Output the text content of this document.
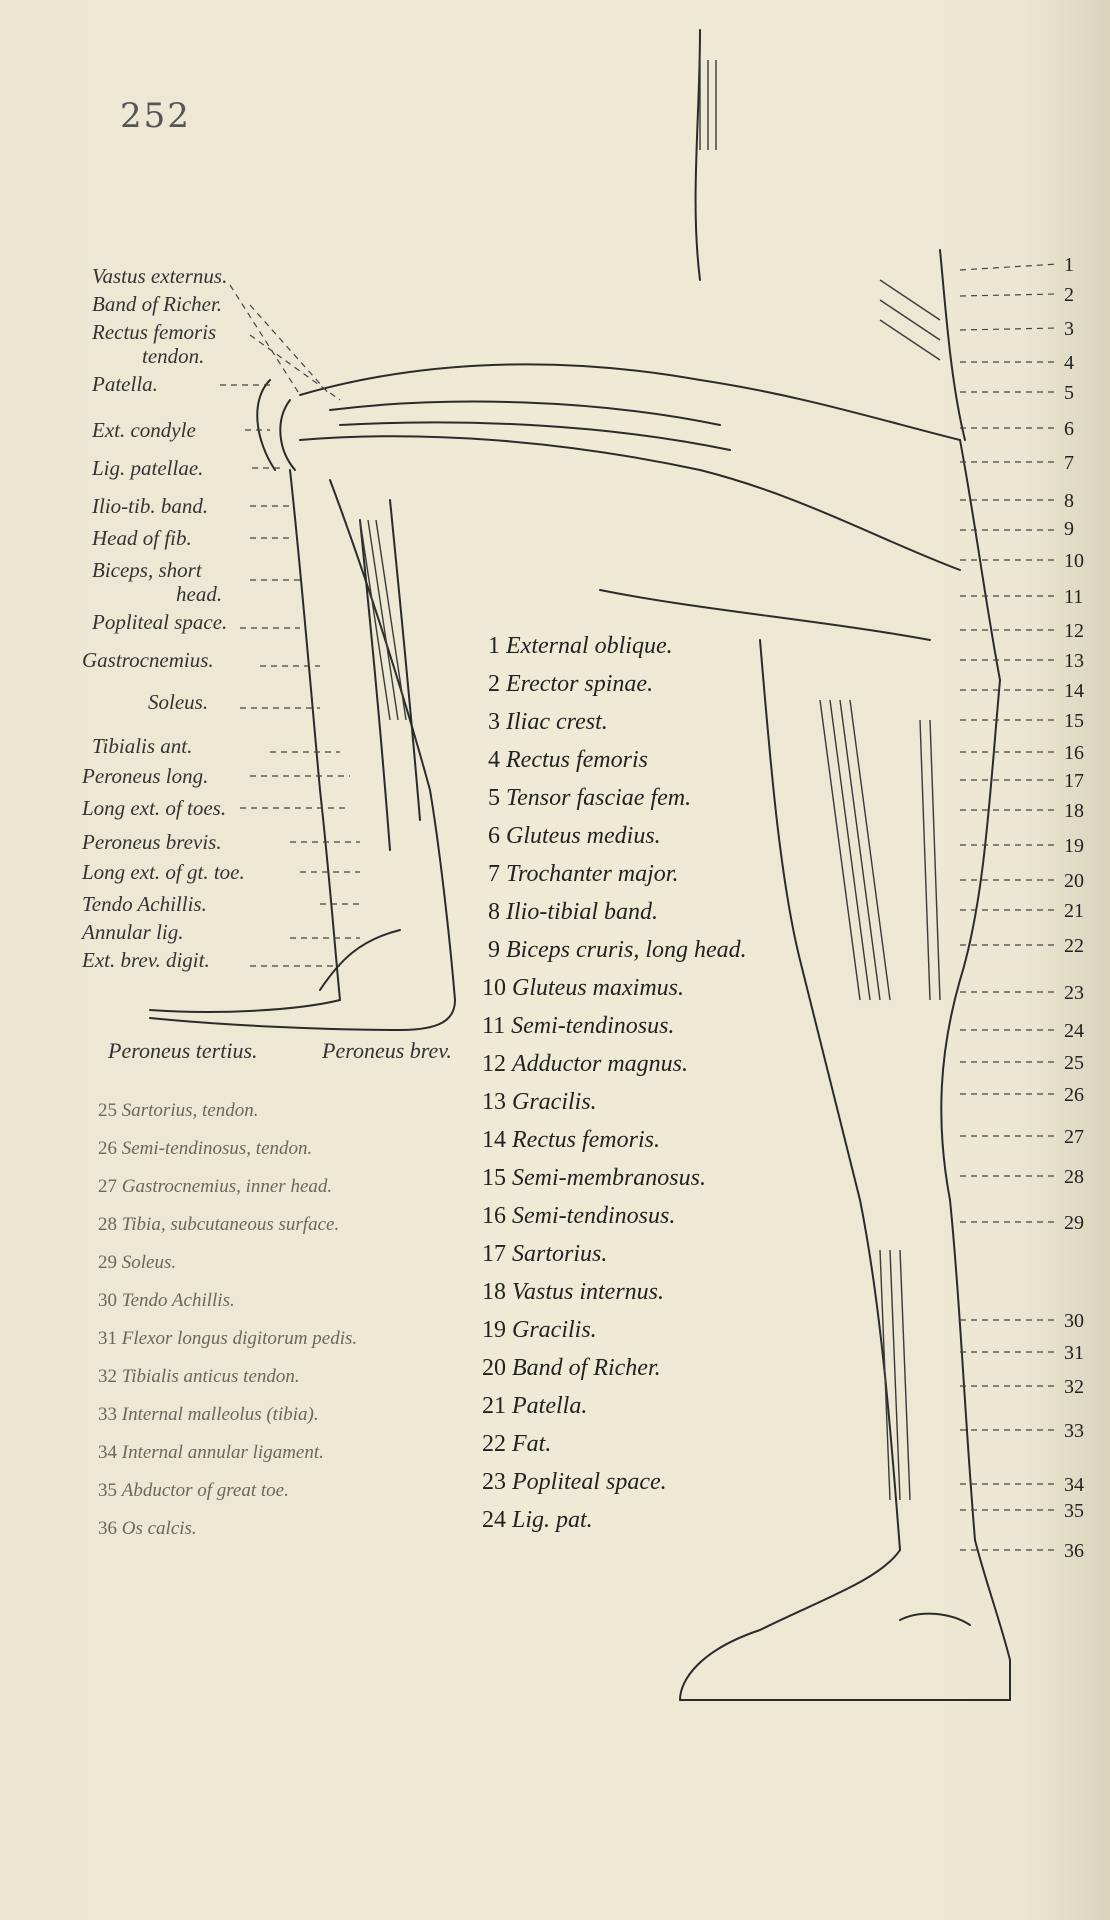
252
Vastus externus.
Band of Richer.
Rectus femoris
tendon.
Patella.
Ext. condyle
Lig. patellae.
Ilio-tib. band.
Head of fib.
Biceps, short
head.
Popliteal space.
Gastrocnemius.
Soleus.
Tibialis ant.
Peroneus long.
Long ext. of toes.
Peroneus brevis.
Long ext. of gt. toe.
Tendo Achillis.
Annular lig.
Ext. brev. digit.
Peroneus tertius.	Peroneus brev.
1 External oblique.
2 Erector spinae.
3 Iliac crest.
4 Rectus femoris
5 Tensor fasciae fem.
6 Gluteus medius.
7 Trochanter major.
8 Ilio-tibial band.
9 Biceps cruris, long head.
10 Gluteus maximus.
11 Semi-tendinosus.
12 Adductor magnus.
13 Gracilis.
14 Rectus femoris.
15 Semi-membranosus.
16 Semi-tendinosus.
17 Sartorius.
18 Vastus internus.
19 Gracilis.
20 Band of Richer.
21 Patella.
22 Fat.
23 Popliteal space.
24 Lig. pat.
25 Sartorius, tendon.
26 Semi-tendinosus, tendon.
27 Gastrocnemius, inner head.
28 Tibia, subcutaneous surface.
29 Soleus.
30 Tendo Achillis.
31 Flexor longus digitorum pedis.
32 Tibialis anticus tendon.
33 Internal malleolus (tibia).
34 Internal annular ligament.
35 Abductor of great toe.
36 Os calcis.
1
2
3
4
5
6
7
8
9
10
11
12
13
14
15
16
17
18
19
20
21
22
23
24
25
26
27
28
29
30
31
32
33
34
35
36
